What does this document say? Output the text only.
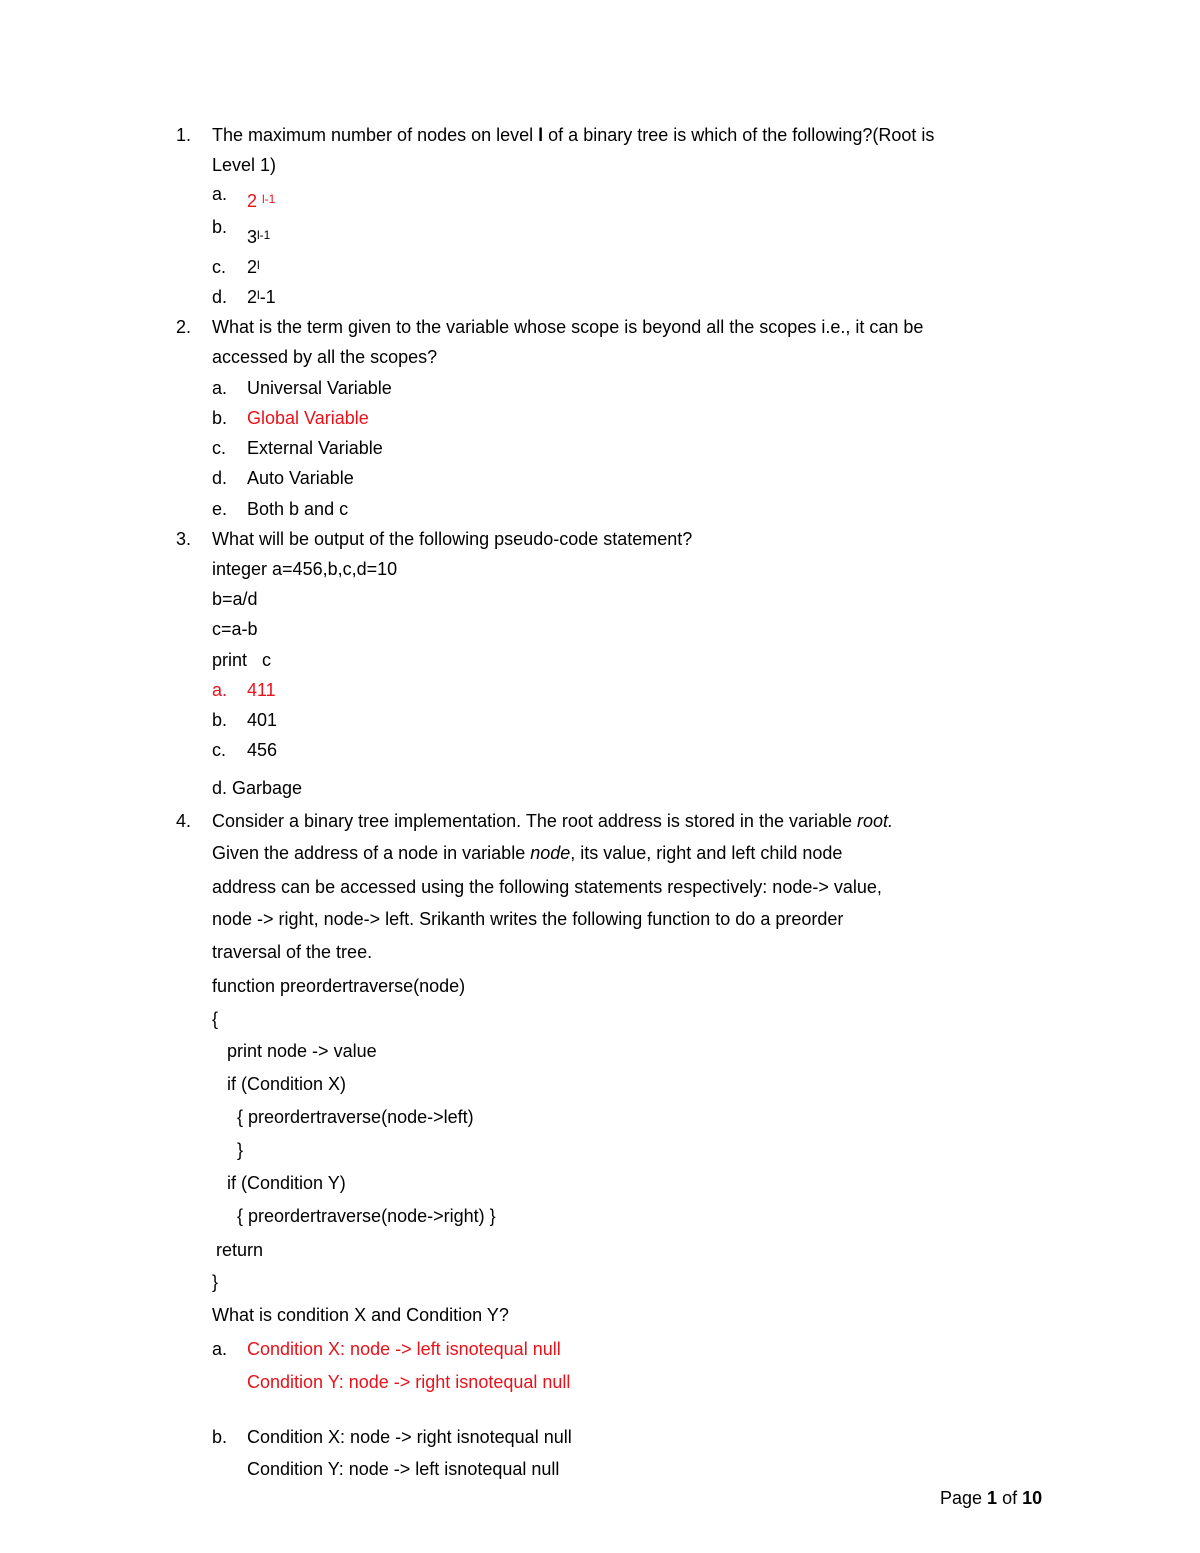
1. The maximum number of nodes on level l of a binary tree is which of the following?(Root is
Level 1)
a. 2 $^{l-1}$
b. 3$^{l-1}$
c. 2$^l$
d. 2$^l$-1
2. What is the term given to the variable whose scope is beyond all the scopes i.e., it can be
accessed by all the scopes?
a. Universal Variable
b. Global Variable
c. External Variable
d. Auto Variable
e. Both b and c
3. What will be output of the following pseudo-code statement?
integer a=456,b,c,d=10
b=a/d
c=a-b
print   c
a. 411
b. 401
c. 456
d. Garbage
4. Consider a binary tree implementation. The root address is stored in the variable root.
Given the address of a node in variable node, its value, right and left child node
address can be accessed using the following statements respectively: node-> value,
node -> right, node-> left. Srikanth writes the following function to do a preorder
traversal of the tree.
function preordertraverse(node)
{
print node -> value
if (Condition X)
{ preordertraverse(node->left)
}
if (Condition Y)
{ preordertraverse(node->right) }
return
}
What is condition X and Condition Y?
a. Condition X: node -> left isnotequal null
Condition Y: node -> right isnotequal null
b. Condition X: node -> right isnotequal null
Condition Y: node -> left isnotequal null
Page 1 of 10
